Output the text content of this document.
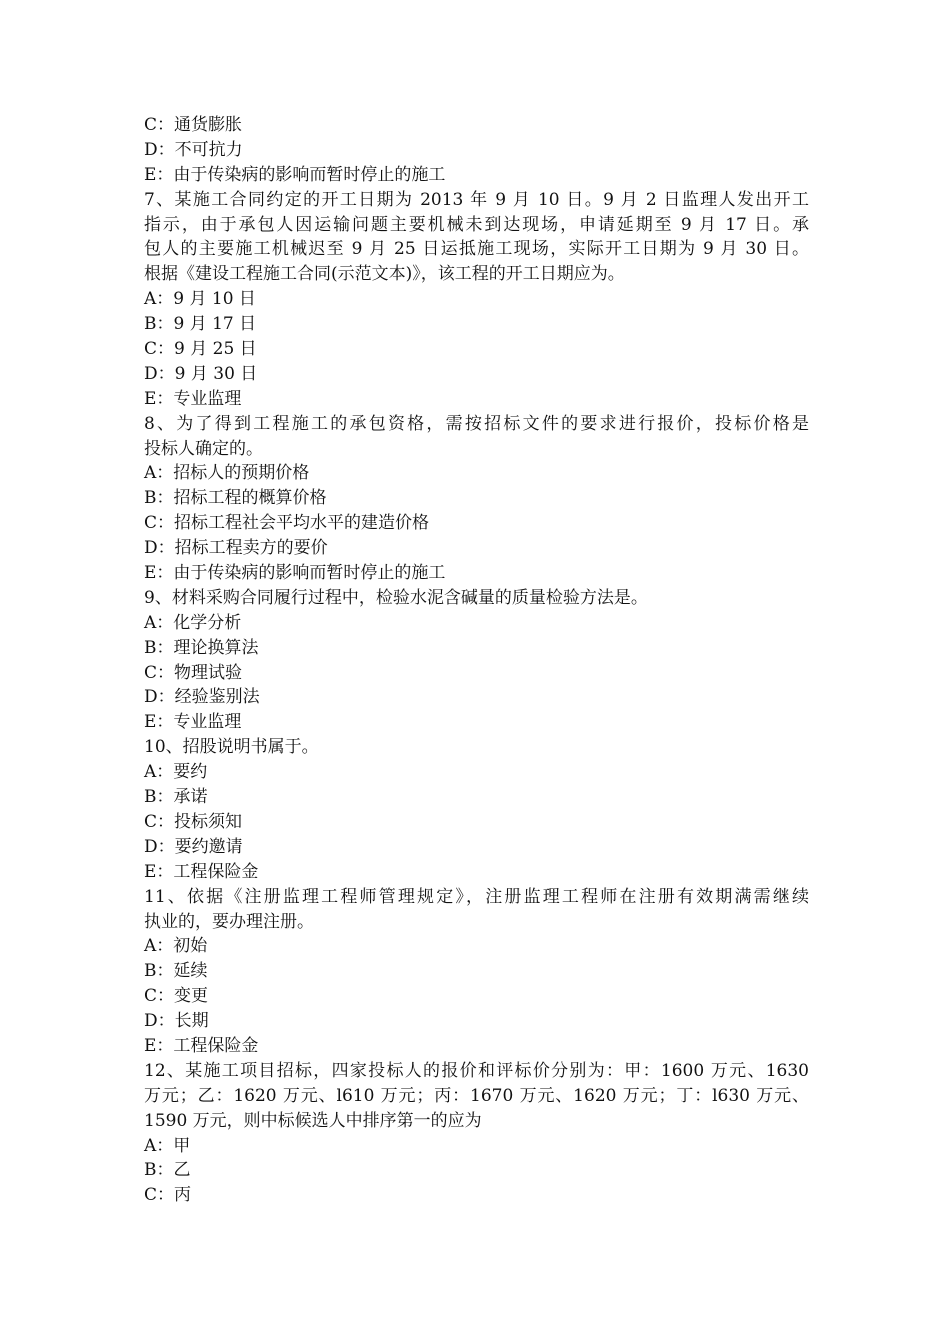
C：通货膨胀
D：不可抗力
E：由于传染病的影响而暂时停止的施工
7、某施工合同约定的开工日期为 2013 年 9 月 10 日。9 月 2 日监理人发出开工
指示，由于承包人因运输问题主要机械未到达现场，申请延期至 9 月 17 日。承
包人的主要施工机械迟至 9 月 25 日运抵施工现场，实际开工日期为 9 月 30 日。
根据《建设工程施工合同(示范文本)》，该工程的开工日期应为。
A：9 月 10 日
B：9 月 17 日
C：9 月 25 日
D：9 月 30 日
E：专业监理
8、为了得到工程施工的承包资格，需按招标文件的要求进行报价，投标价格是
投标人确定的。
A：招标人的预期价格
B：招标工程的概算价格
C：招标工程社会平均水平的建造价格
D：招标工程卖方的要价
E：由于传染病的影响而暂时停止的施工
9、材料采购合同履行过程中，检验水泥含碱量的质量检验方法是。
A：化学分析
B：理论换算法
C：物理试验
D：经验鉴别法
E：专业监理
10、招股说明书属于。
A：要约
B：承诺
C：投标须知
D：要约邀请
E：工程保险金
11、依据《注册监理工程师管理规定》，注册监理工程师在注册有效期满需继续
执业的，要办理注册。
A：初始
B：延续
C：变更
D：长期
E：工程保险金
12、某施工项目招标，四家投标人的报价和评标价分别为：甲：1600 万元、1630
万元；乙：1620 万元、l610 万元；丙：1670 万元、1620 万元；丁：l630 万元、
1590 万元，则中标候选人中排序第一的应为
A：甲
B：乙
C：丙
